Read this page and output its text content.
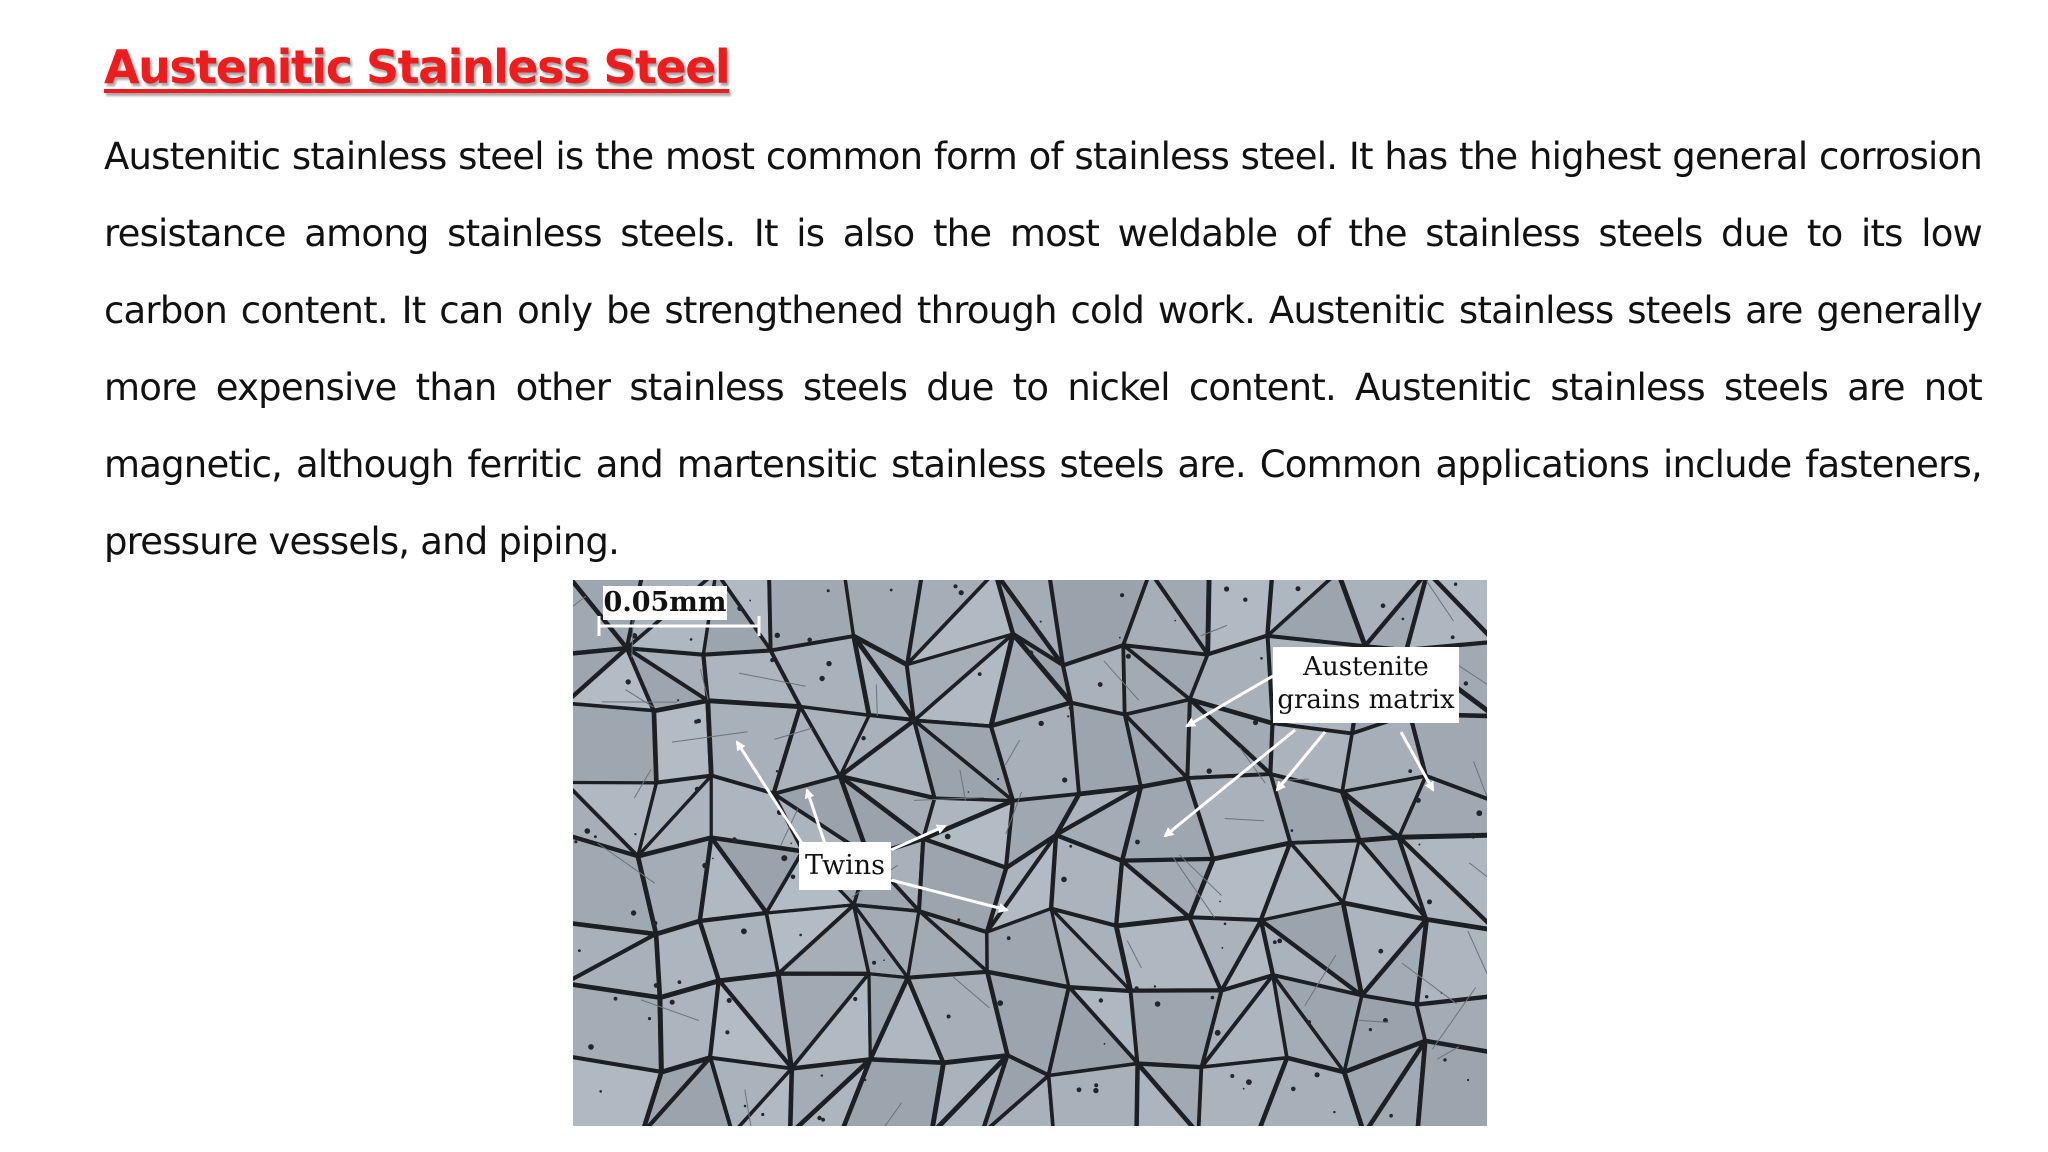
Austenitic Stainless Steel

Austenitic stainless steel is the most common form of stainless steel. It has the highest general corrosion resistance among stainless steels. It is also the most weldable of the stainless steels due to its low carbon content. It can only be strengthened through cold work. Austenitic stainless steels are generally more expensive than other stainless steels due to nickel content. Austenitic stainless steels are not magnetic, although ferritic and martensitic stainless steels are. Common applications include fasteners, pressure vessels, and piping.

0.05mm
Austenite
grains matrix
Twins
